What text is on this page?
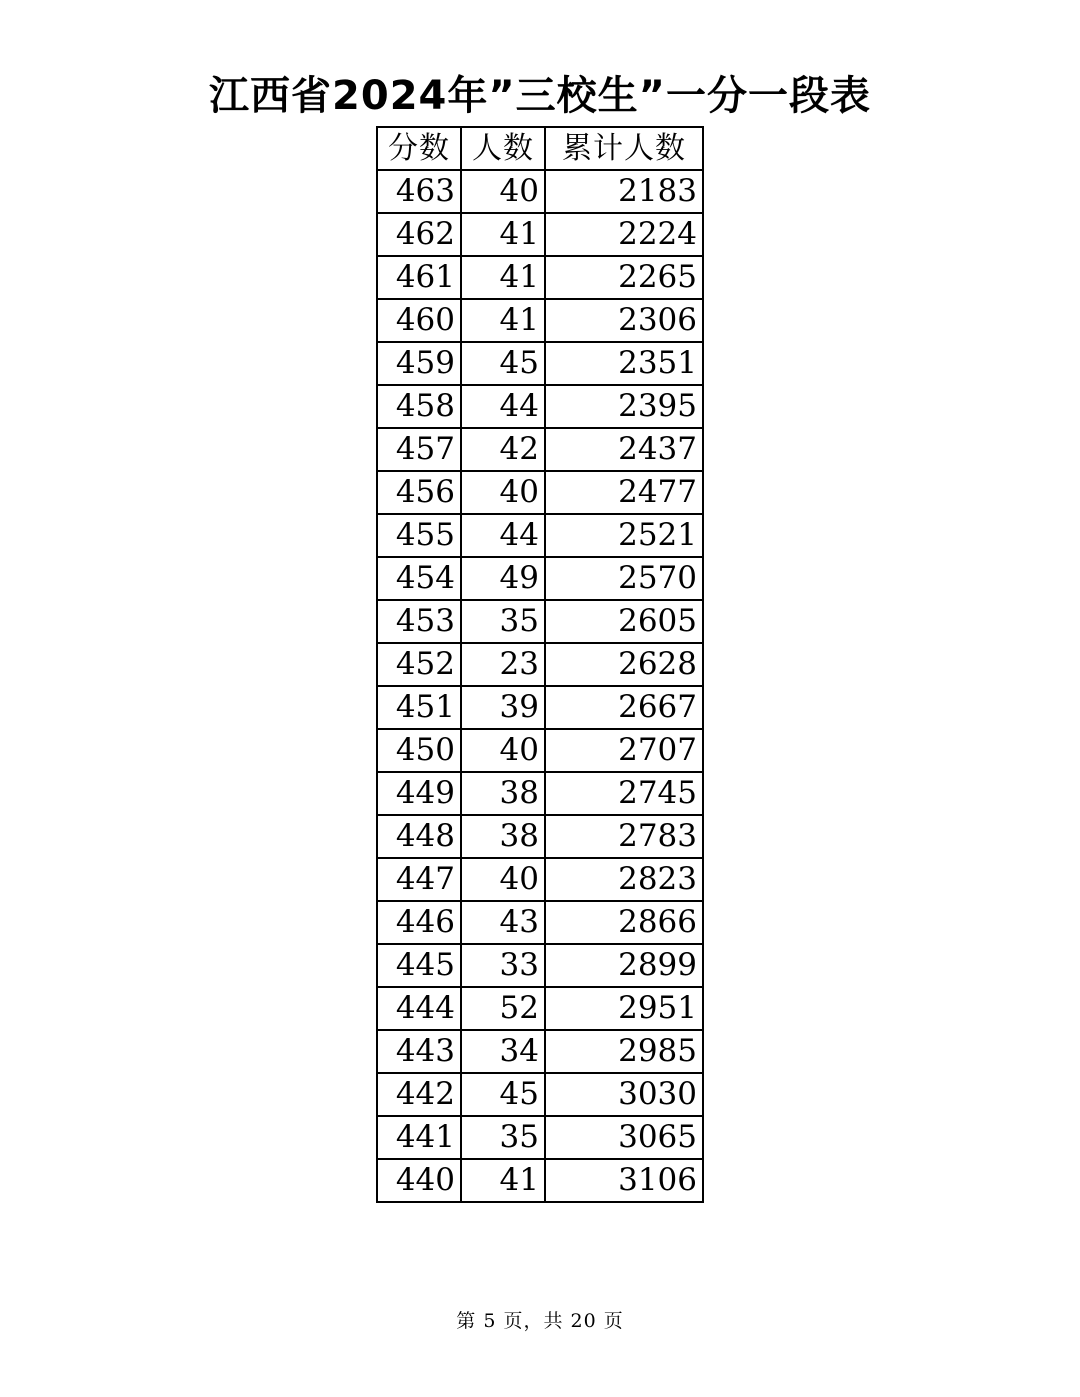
江西省2024年”三校生”一分一段表
分数	人数	累计人数
463	40	2183
462	41	2224
461	41	2265
460	41	2306
459	45	2351
458	44	2395
457	42	2437
456	40	2477
455	44	2521
454	49	2570
453	35	2605
452	23	2628
451	39	2667
450	40	2707
449	38	2745
448	38	2783
447	40	2823
446	43	2866
445	33	2899
444	52	2951
443	34	2985
442	45	3030
441	35	3065
440	41	3106
第 5 页，共 20 页
